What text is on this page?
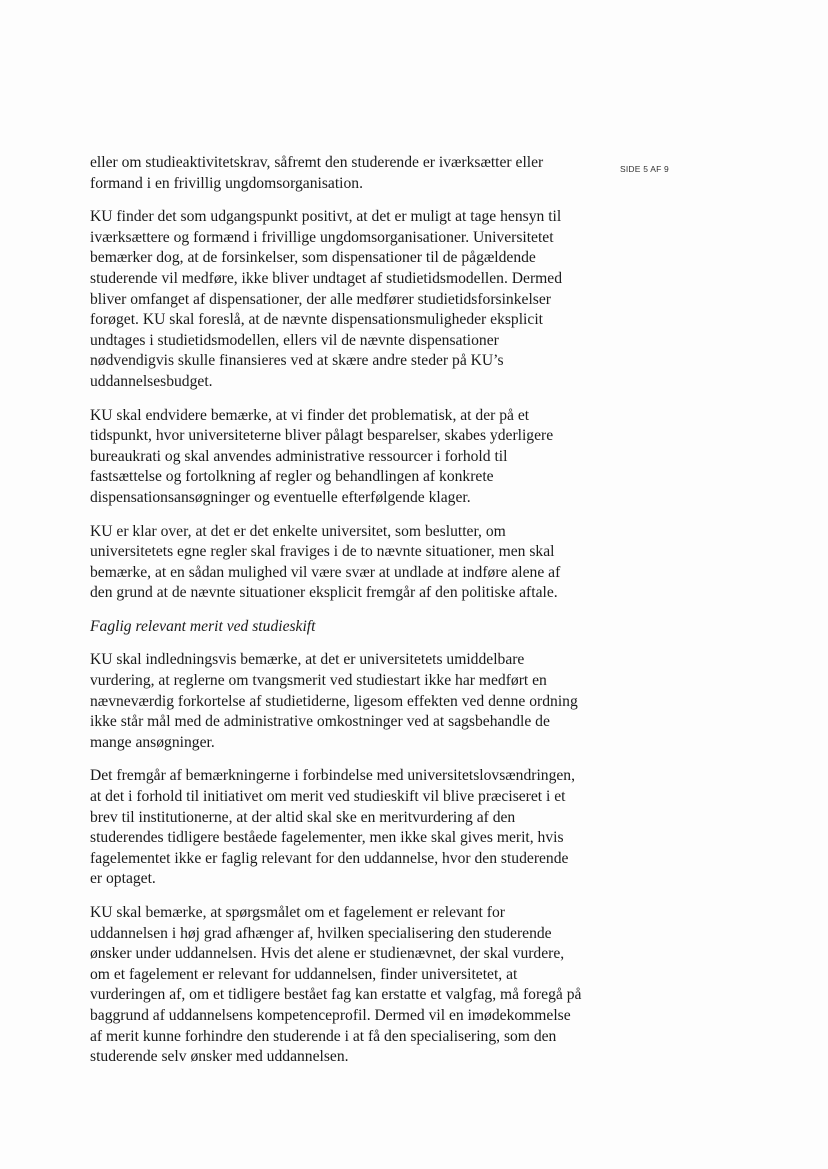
SIDE 5 AF 9

eller om studieaktivitetskrav, såfremt den studerende er iværksætter eller formand i en frivillig ungdomsorganisation.

KU finder det som udgangspunkt positivt, at det er muligt at tage hensyn til iværksættere og formænd i frivillige ungdomsorganisationer. Universitetet bemærker dog, at de forsinkelser, som dispensationer til de pågældende studerende vil medføre, ikke bliver undtaget af studietidsmodellen. Dermed bliver omfanget af dispensationer, der alle medfører studietidsforsinkelser forøget. KU skal foreslå, at de nævnte dispensationsmuligheder eksplicit undtages i studietidsmodellen, ellers vil de nævnte dispensationer nødvendigvis skulle finansieres ved at skære andre steder på KU’s uddannelsesbudget.

KU skal endvidere bemærke, at vi finder det problematisk, at der på et tidspunkt, hvor universiteterne bliver pålagt besparelser, skabes yderligere bureaukrati og skal anvendes administrative ressourcer i forhold til fastsættelse og fortolkning af regler og behandlingen af konkrete dispensationsansøgninger og eventuelle efterfølgende klager.

KU er klar over, at det er det enkelte universitet, som beslutter, om universitetets egne regler skal fraviges i de to nævnte situationer, men skal bemærke, at en sådan mulighed vil være svær at undlade at indføre alene af den grund at de nævnte situationer eksplicit fremgår af den politiske aftale.

Faglig relevant merit ved studieskift

KU skal indledningsvis bemærke, at det er universitetets umiddelbare vurdering, at reglerne om tvangsmerit ved studiestart ikke har medført en nævneværdig forkortelse af studietiderne, ligesom effekten ved denne ordning ikke står mål med de administrative omkostninger ved at sagsbehandle de mange ansøgninger.

Det fremgår af bemærkningerne i forbindelse med universitetslovsændringen, at det i forhold til initiativet om merit ved studieskift vil blive præciseret i et brev til institutionerne, at der altid skal ske en meritvurdering af den studerendes tidligere beståede fagelementer, men ikke skal gives merit, hvis fagelementet ikke er faglig relevant for den uddannelse, hvor den studerende er optaget.

KU skal bemærke, at spørgsmålet om et fagelement er relevant for uddannelsen i høj grad afhænger af, hvilken specialisering den studerende ønsker under uddannelsen. Hvis det alene er studienævnet, der skal vurdere, om et fagelement er relevant for uddannelsen, finder universitetet, at vurderingen af, om et tidligere bestået fag kan erstatte et valgfag, må foregå på baggrund af uddannelsens kompetenceprofil. Dermed vil en imødekommelse af merit kunne forhindre den studerende i at få den specialisering, som den studerende selv ønsker med uddannelsen.
